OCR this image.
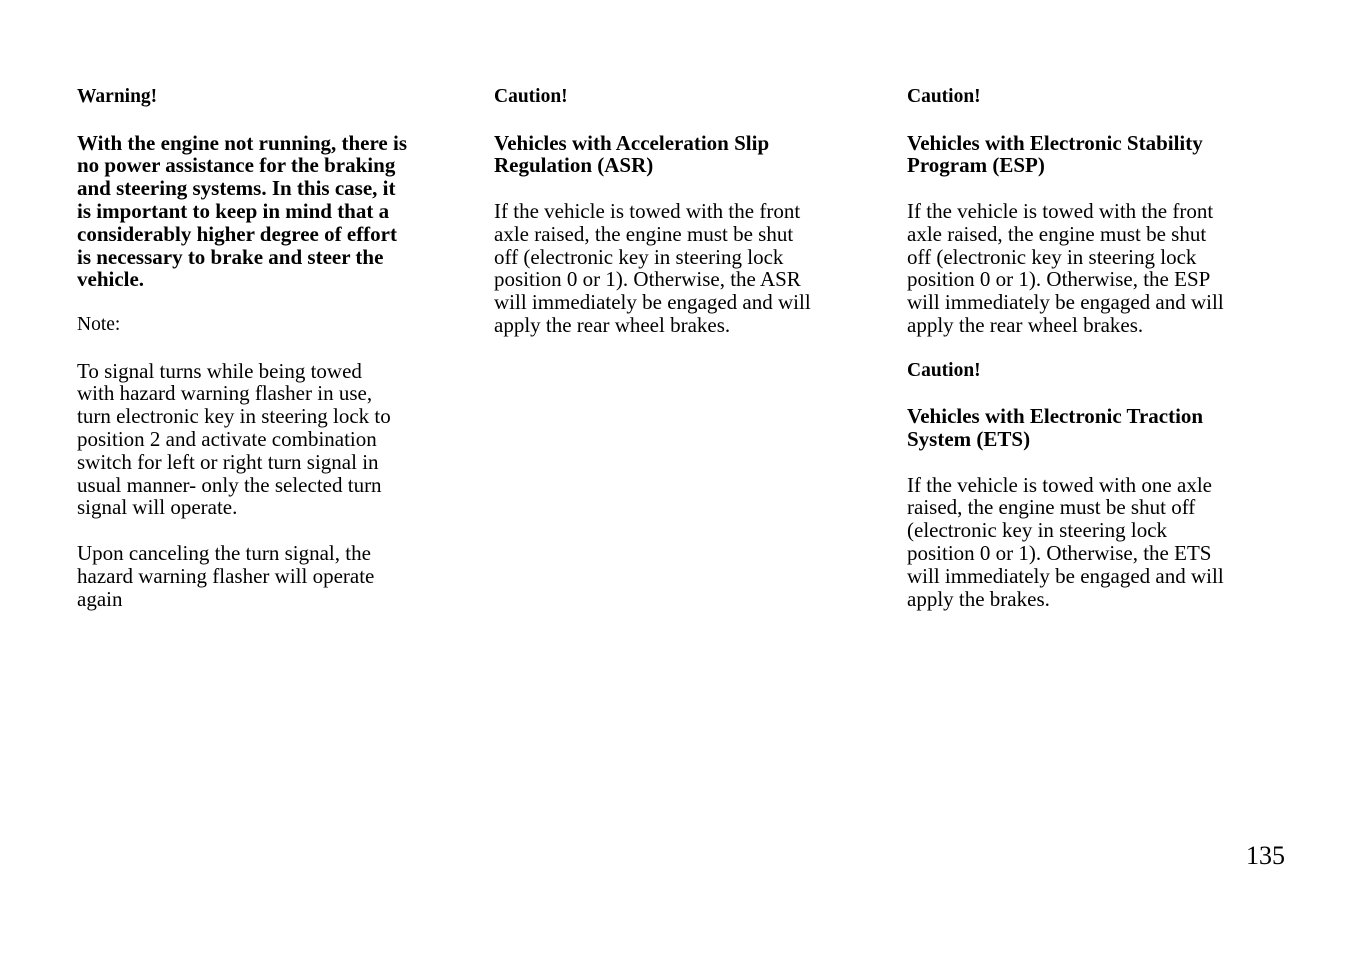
Warning!

With the engine not running, there is
no power assistance for the braking
and steering systems. In this case, it
is important to keep in mind that a
considerably higher degree of effort
is necessary to brake and steer the
vehicle.

Note:

To signal turns while being towed
with hazard warning flasher in use,
turn electronic key in steering lock to
position 2 and activate combination
switch for left or right turn signal in
usual manner- only the selected turn
signal will operate.

Upon canceling the turn signal, the
hazard warning flasher will operate
again

Caution!

Vehicles with Acceleration Slip
Regulation (ASR)

If the vehicle is towed with the front
axle raised, the engine must be shut
off (electronic key in steering lock
position 0 or 1). Otherwise, the ASR
will immediately be engaged and will
apply the rear wheel brakes.

Caution!

Vehicles with Electronic Stability
Program (ESP)

If the vehicle is towed with the front
axle raised, the engine must be shut
off (electronic key in steering lock
position 0 or 1). Otherwise, the ESP
will immediately be engaged and will
apply the rear wheel brakes.

Caution!

Vehicles with Electronic Traction
System (ETS)

If the vehicle is towed with one axle
raised, the engine must be shut off
(electronic key in steering lock
position 0 or 1). Otherwise, the ETS
will immediately be engaged and will
apply the brakes.

135
